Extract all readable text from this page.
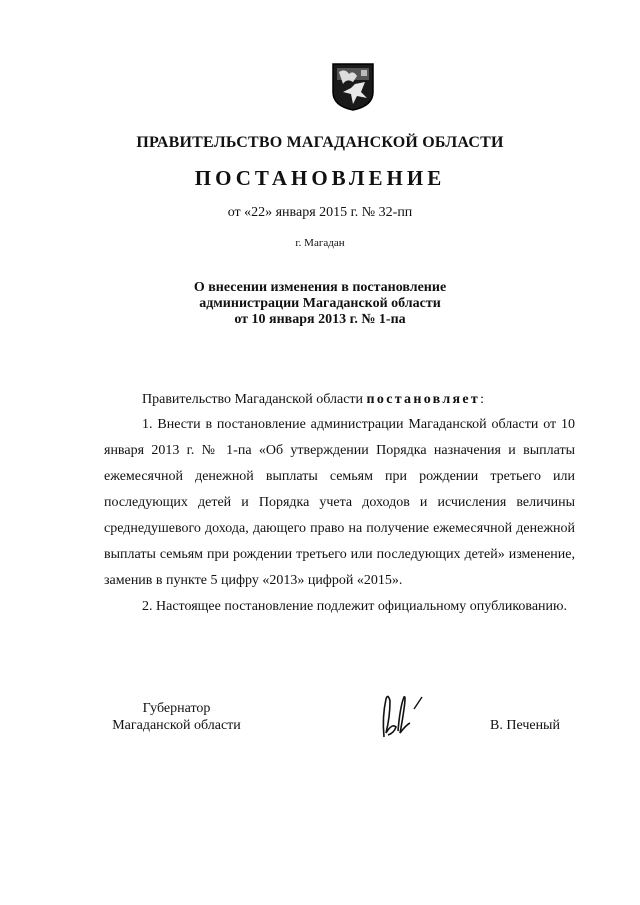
ПРАВИТЕЛЬСТВО МАГАДАНСКОЙ ОБЛАСТИ
ПОСТАНОВЛЕНИЕ
от «22» января 2015 г. № 32-пп
г. Магадан
О внесении изменения в постановление
администрации Магаданской области
от 10 января 2013 г. № 1-па
Правительство Магаданской области постановляет:
1. Внести в постановление администрации Магаданской области от 10 января 2013 г. № 1-па «Об утверждении Порядка назначения и выплаты ежемесячной денежной выплаты семьям при рождении третьего или последующих детей и Порядка учета доходов и исчисления величины среднедушевого дохода, дающего право на получение ежемесячной денежной выплаты семьям при рождении третьего или последующих детей» изменение, заменив в пункте 5 цифру «2013» цифрой «2015».
2. Настоящее постановление подлежит официальному опубликованию.
Губернатор
Магаданской области	В. Печеный
